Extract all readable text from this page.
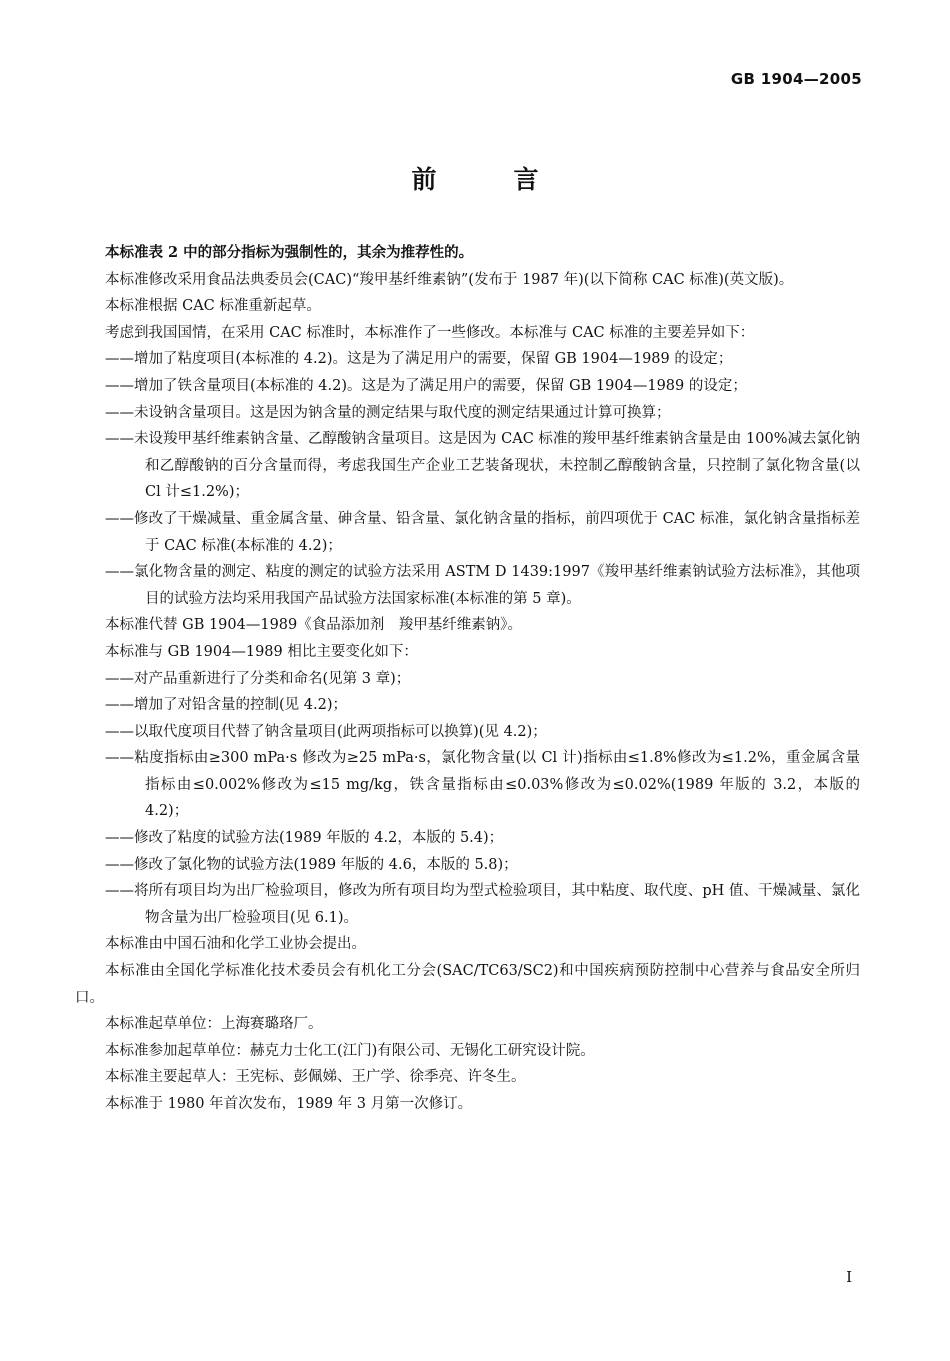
GB 1904—2005
前　言
本标准表 2 中的部分指标为强制性的，其余为推荐性的。
本标准修改采用食品法典委员会(CAC)“羧甲基纤维素钠”(发布于 1987 年)(以下简称 CAC 标准)(英文版)。
本标准根据 CAC 标准重新起草。
考虑到我国国情，在采用 CAC 标准时，本标准作了一些修改。本标准与 CAC 标准的主要差异如下：
——增加了粘度项目(本标准的 4.2)。这是为了满足用户的需要，保留 GB 1904—1989 的设定；
——增加了铁含量项目(本标准的 4.2)。这是为了满足用户的需要，保留 GB 1904—1989 的设定；
——未设钠含量项目。这是因为钠含量的测定结果与取代度的测定结果通过计算可换算；
——未设羧甲基纤维素钠含量、乙醇酸钠含量项目。这是因为 CAC 标准的羧甲基纤维素钠含量是由 100%减去氯化钠和乙醇酸钠的百分含量而得，考虑我国生产企业工艺装备现状，未控制乙醇酸钠含量，只控制了氯化物含量(以 Cl 计≤1.2%)；
——修改了干燥减量、重金属含量、砷含量、铅含量、氯化钠含量的指标，前四项优于 CAC 标准，氯化钠含量指标差于 CAC 标准(本标准的 4.2)；
——氯化物含量的测定、粘度的测定的试验方法采用 ASTM D 1439:1997《羧甲基纤维素钠试验方法标准》，其他项目的试验方法均采用我国产品试验方法国家标准(本标准的第 5 章)。
本标准代替 GB 1904—1989《食品添加剂　羧甲基纤维素钠》。
本标准与 GB 1904—1989 相比主要变化如下：
——对产品重新进行了分类和命名(见第 3 章)；
——增加了对铅含量的控制(见 4.2)；
——以取代度项目代替了钠含量项目(此两项指标可以换算)(见 4.2)；
——粘度指标由≥300 mPa·s 修改为≥25 mPa·s，氯化物含量(以 Cl 计)指标由≤1.8%修改为≤1.2%，重金属含量指标由≤0.002%修改为≤15 mg/kg，铁含量指标由≤0.03%修改为≤0.02%(1989 年版的 3.2，本版的 4.2)；
——修改了粘度的试验方法(1989 年版的 4.2，本版的 5.4)；
——修改了氯化物的试验方法(1989 年版的 4.6，本版的 5.8)；
——将所有项目均为出厂检验项目，修改为所有项目均为型式检验项目，其中粘度、取代度、pH 值、干燥减量、氯化物含量为出厂检验项目(见 6.1)。
本标准由中国石油和化学工业协会提出。
本标准由全国化学标准化技术委员会有机化工分会(SAC/TC63/SC2)和中国疾病预防控制中心营养与食品安全所归口。
本标准起草单位：上海赛璐珞厂。
本标准参加起草单位：赫克力士化工(江门)有限公司、无锡化工研究设计院。
本标准主要起草人：王宪标、彭佩娣、王广学、徐季亮、许冬生。
本标准于 1980 年首次发布，1989 年 3 月第一次修订。
I
